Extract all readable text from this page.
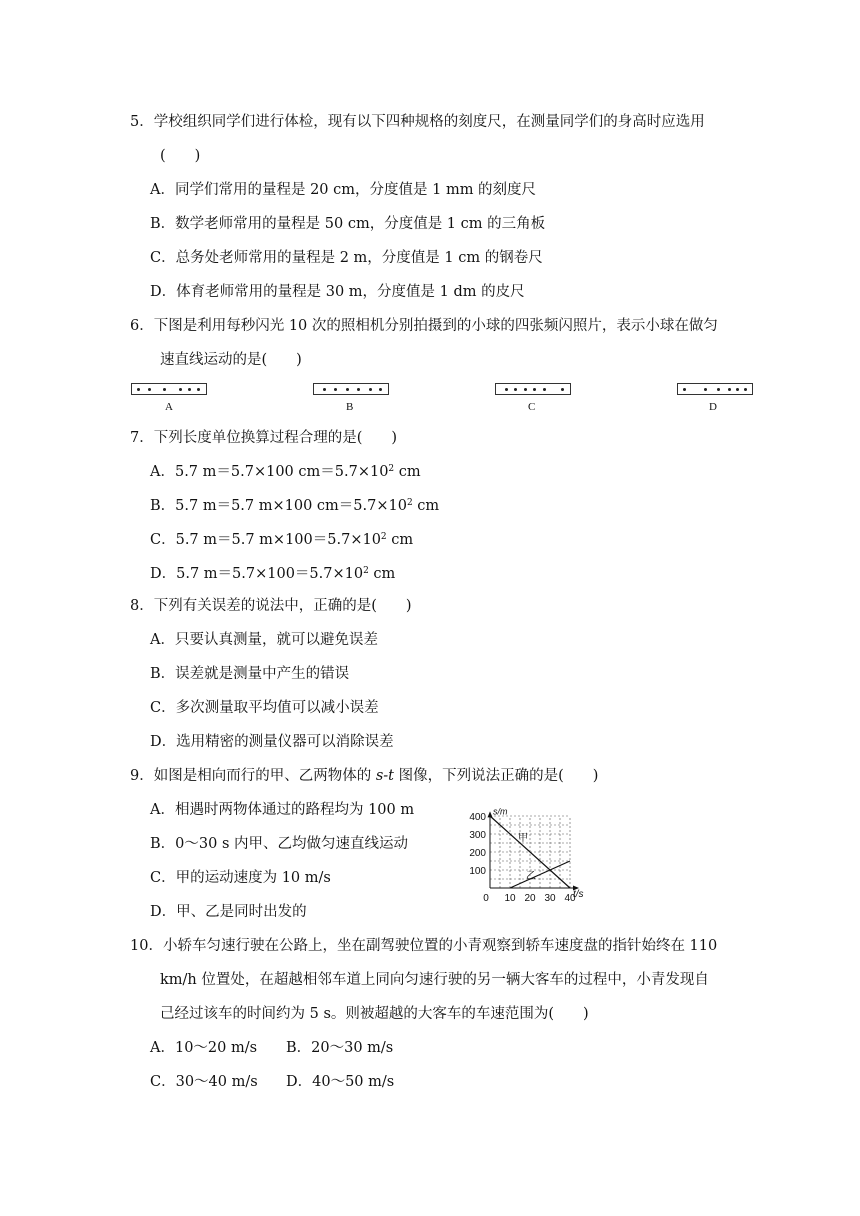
5．学校组织同学们进行体检，现有以下四种规格的刻度尺，在测量同学们的身高时应选用
(　　)
A．同学们常用的量程是 20 cm，分度值是 1 mm 的刻度尺
B．数学老师常用的量程是 50 cm，分度值是 1 cm 的三角板
C．总务处老师常用的量程是 2 m，分度值是 1 cm 的钢卷尺
D．体育老师常用的量程是 30 m，分度值是 1 dm 的皮尺
6．下图是利用每秒闪光 10 次的照相机分别拍摄到的小球的四张频闪照片，表示小球在做匀
速直线运动的是(　　)
A	B	C	D
7．下列长度单位换算过程合理的是(　　)
A．5.7 m＝5.7×100 $cm=5.7\times 10^2$ cm
B．5.7 m＝5.7 m×100 $cm=5.7\times 10^2$ cm
C．5.7 m＝5.7 $m\times 100=5.7\times 10^2$ cm
D．5.7 $m=5.7\times 100=5.7\times 10^2$ cm
8．下列有关误差的说法中，正确的是(　　)
A．只要认真测量，就可以避免误差
B．误差就是测量中产生的错误
C．多次测量取平均值可以减小误差
D．选用精密的测量仪器可以消除误差
9．如图是相向而行的甲、乙两物体的 s-t 图像，下列说法正确的是(　　)
A．相遇时两物体通过的路程均为 100 m
B．0～30 s 内甲、乙均做匀速直线运动
C．甲的运动速度为 10 m/s
D．甲、乙是同时出发的
s/m
t/s
甲
乙
100
200
300
400
0 10 20 30 40
10．小轿车匀速行驶在公路上，坐在副驾驶位置的小青观察到轿车速度盘的指针始终在 110
km/h 位置处，在超越相邻车道上同向匀速行驶的另一辆大客车的过程中，小青发现自
己经过该车的时间约为 5 s。则被超越的大客车的车速范围为(　　)
A．10～20 m/s B．20～30 m/s
C．30～40 m/s D．40～50 m/s
